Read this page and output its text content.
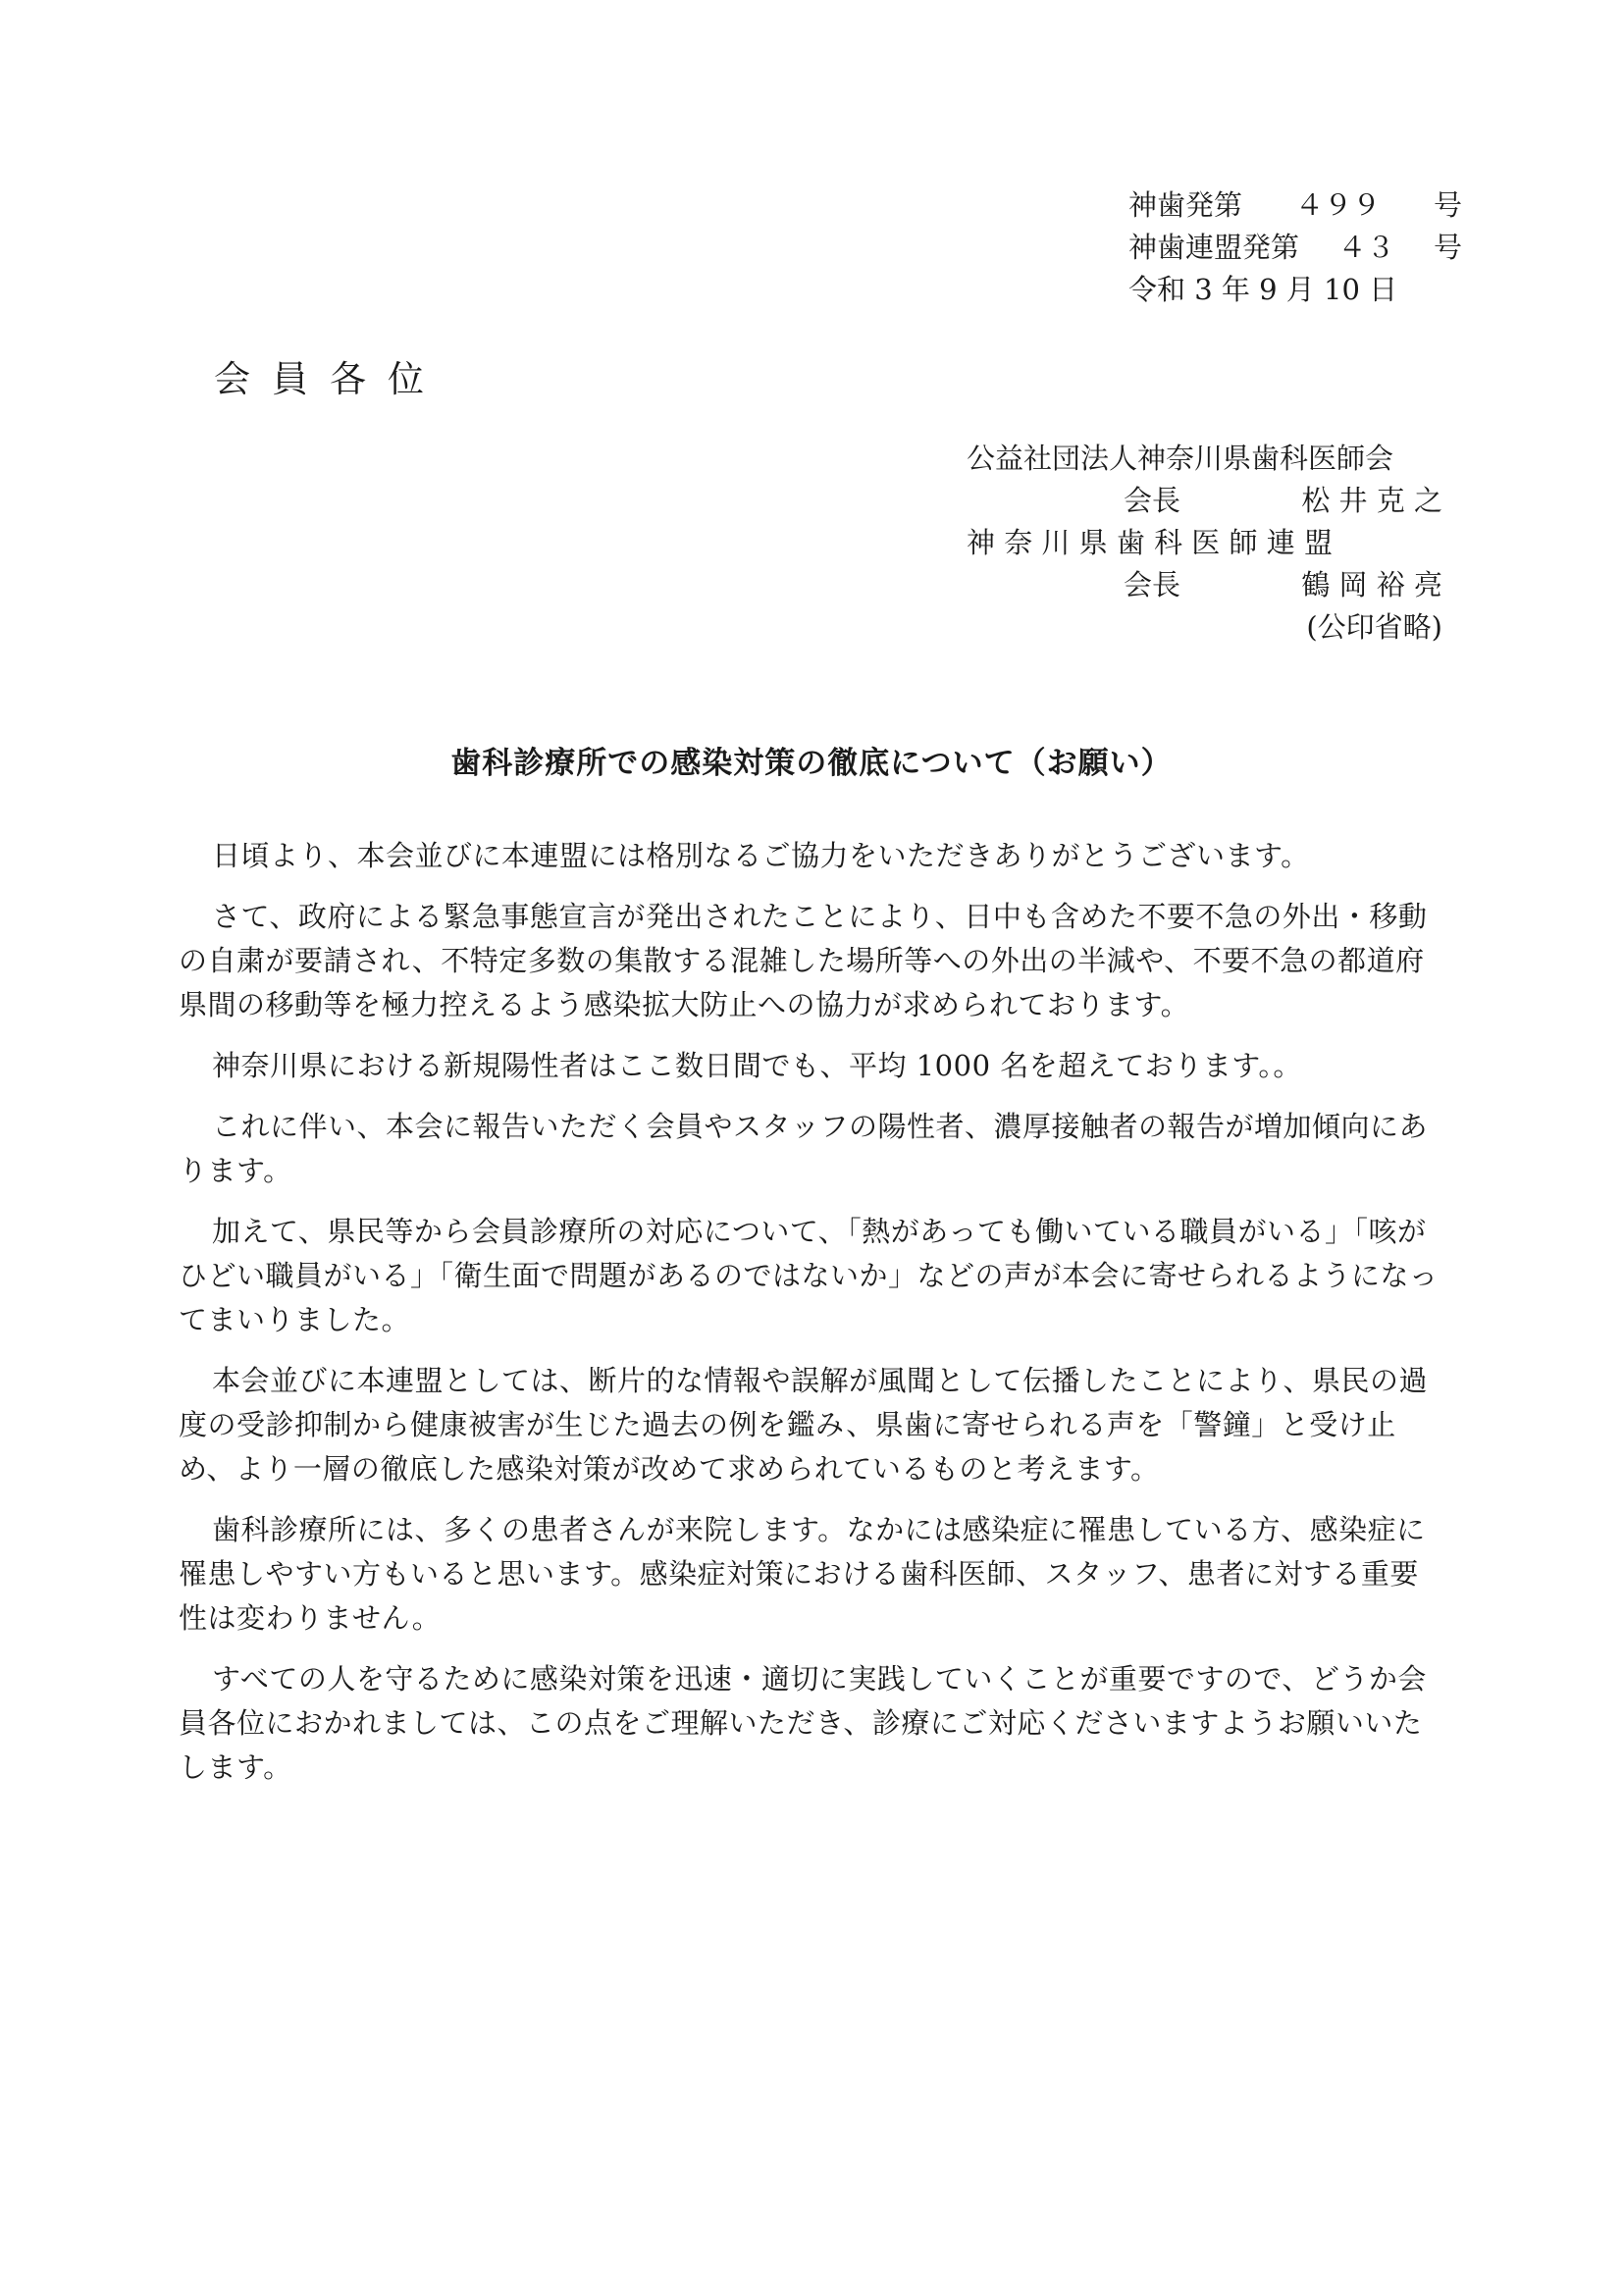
神歯発第 ４９９ 号
神歯連盟発第 ４３ 号
令和 3 年 9 月 10 日
会員各位
公益社団法人神奈川県歯科医師会
会長	松 井 克 之
神 奈 川 県 歯 科 医 師 連 盟
会長	鶴 岡 裕 亮
(公印省略)
歯科診療所での感染対策の徹底について（お願い）

日頃より、本会並びに本連盟には格別なるご協力をいただきありがとうございます。

さて、政府による緊急事態宣言が発出されたことにより、日中も含めた不要不急の外出・移動の自粛が要請され、不特定多数の集散する混雑した場所等への外出の半減や、不要不急の都道府県間の移動等を極力控えるよう感染拡大防止への協力が求められております。

神奈川県における新規陽性者はここ数日間でも、平均 1000 名を超えております。。

これに伴い、本会に報告いただく会員やスタッフの陽性者、濃厚接触者の報告が増加傾向にあります。

加えて、県民等から会員診療所の対応について、「熱があっても働いている職員がいる」「咳がひどい職員がいる」「衛生面で問題があるのではないか」などの声が本会に寄せられるようになってまいりました。

本会並びに本連盟としては、断片的な情報や誤解が風聞として伝播したことにより、県民の過度の受診抑制から健康被害が生じた過去の例を鑑み、県歯に寄せられる声を「警鐘」と受け止め、より一層の徹底した感染対策が改めて求められているものと考えます。

歯科診療所には、多くの患者さんが来院します。なかには感染症に罹患している方、感染症に罹患しやすい方もいると思います。感染症対策における歯科医師、スタッフ、患者に対する重要性は変わりません。

すべての人を守るために感染対策を迅速・適切に実践していくことが重要ですので、どうか会員各位におかれましては、この点をご理解いただき、診療にご対応くださいますようお願いいたします。
